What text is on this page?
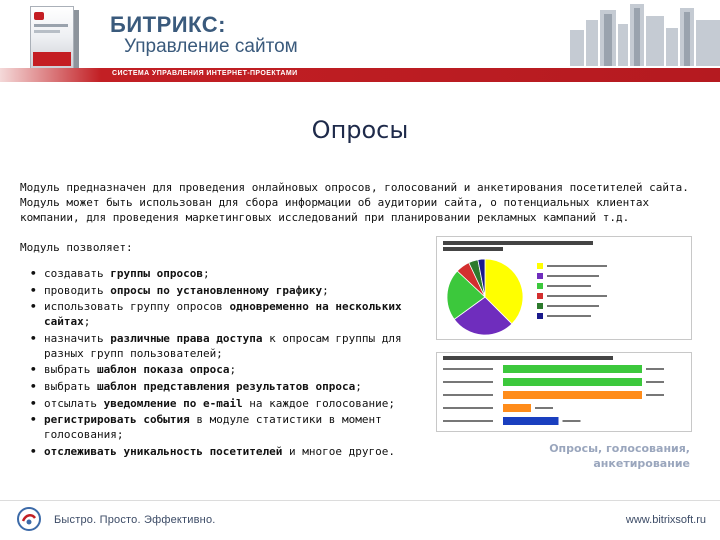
БИТРИКС:
Управление сайтом
СИСТЕМА УПРАВЛЕНИЯ ИНТЕРНЕТ-ПРОЕКТАМИ
Опросы

Модуль предназначен для проведения онлайновых опросов, голосований и анкетирования посетителей сайта. Модуль может быть использован для сбора информации об аудитории сайта, о потенциальных клиентах компании, для проведения маркетинговых исследований при планировании рекламных кампаний т.д.

Модуль позволяет:

• создавать группы опросов;
• проводить опросы по установленному графику;
• использовать группу опросов одновременно на нескольких сайтах;
• назначить различные права доступа к опросам группы для разных групп пользователей;
• выбрать шаблон показа опроса;
• выбрать шаблон представления результатов опроса;
• отсылать уведомление по e-mail на каждое голосование;
• регистрировать события в модуле статистики в момент голосования;
• отслеживать уникальность посетителей и многое другое.	Опросы, голосования, анкетирование
Быстро. Просто. Эффективно.	www.bitrixsoft.ru
